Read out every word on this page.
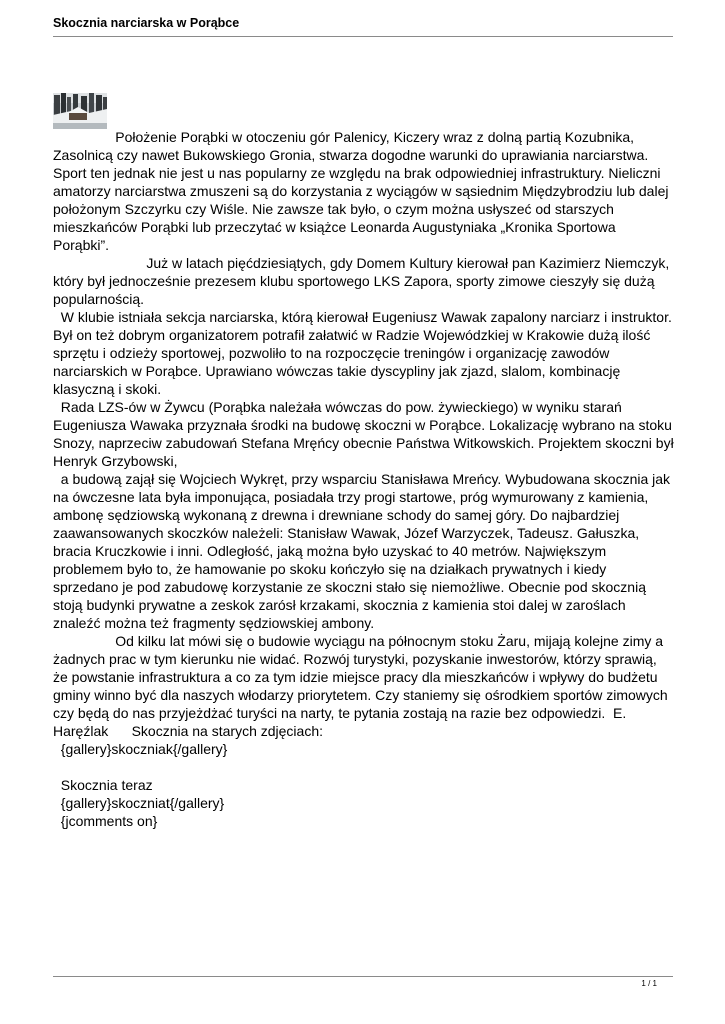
Skocznia narciarska w Porąbce

Położenie Porąbki w otoczeniu gór Palenicy, Kiczery wraz z dolną partią Kozubnika, Zasolnicą czy nawet Bukowskiego Gronia, stwarza dogodne warunki do uprawiania narciarstwa. Sport ten jednak nie jest u nas popularny ze względu na brak odpowiedniej infrastruktury. Nieliczni amatorzy narciarstwa zmuszeni są do korzystania z wyciągów w sąsiednim Międzybrodziu lub dalej położonym Szczyrku czy Wiśle. Nie zawsze tak było, o czym można usłyszeć od starszych mieszkańców Porąbki lub przeczytać w książce Leonarda Augustyniaka „Kronika Sportowa Porąbki”.

Już w latach pięćdziesiątych, gdy Domem Kultury kierował pan Kazimierz Niemczyk, który był jednocześnie prezesem klubu sportowego LKS Zapora, sporty zimowe cieszyły się dużą popularnością.

W klubie istniała sekcja narciarska, którą kierował Eugeniusz Wawak zapalony narciarz i instruktor. Był on też dobrym organizatorem potrafił załatwić w Radzie Wojewódzkiej w Krakowie dużą ilość sprzętu i odzieży sportowej, pozwoliło to na rozpoczęcie treningów i organizację zawodów narciarskich w Porąbce. Uprawiano wówczas takie dyscypliny jak zjazd, slalom, kombinację klasyczną i skoki.

Rada LZS-ów w Żywcu (Porąbka należała wówczas do pow. żywieckiego) w wyniku starań Eugeniusza Wawaka przyznała środki na budowę skoczni w Porąbce. Lokalizację wybrano na stoku Snozy, naprzeciw zabudowań Stefana Mręńcy obecnie Państwa Witkowskich. Projektem skoczni był Henryk Grzybowski,

a budową zajął się Wojciech Wykręt, przy wsparciu Stanisława Mreńcy. Wybudowana skocznia jak na ówczesne lata była imponująca, posiadała trzy progi startowe, próg wymurowany z kamienia, ambonę sędziowską wykonaną z drewna i drewniane schody do samej góry. Do najbardziej zaawansowanych skoczków należeli: Stanisław Wawak, Józef Warzyczek, Tadeusz. Gałuszka, bracia Kruczkowie i inni. Odległość, jaką można było uzyskać to 40 metrów. Największym problemem było to, że hamowanie po skoku kończyło się na działkach prywatnych i kiedy sprzedano je pod zabudowę korzystanie ze skoczni stało się niemożliwe. Obecnie pod skocznią stoją budynki prywatne a zeskok zarósł krzakami, skocznia z kamienia stoi dalej w zaroślach znaleźć można też fragmenty sędziowskiej ambony.

Od kilku lat mówi się o budowie wyciągu na północnym stoku Żaru, mijają kolejne zimy a żadnych prac w tym kierunku nie widać. Rozwój turystyki, pozyskanie inwestorów, którzy sprawią, że powstanie infrastruktura a co za tym idzie miejsce pracy dla mieszkańców i wpływy do budżetu gminy winno być dla naszych włodarzy priorytetem. Czy staniemy się ośrodkiem sportów zimowych czy będą do nas przyjeżdżać turyści na narty, te pytania zostają na razie bez odpowiedzi.  E. Haręźlak      Skocznia na starych zdjęciach:

{gallery}skoczniak{/gallery}

Skocznia teraz

{gallery}skoczniat{/gallery}

{jcomments on}

1 / 1
